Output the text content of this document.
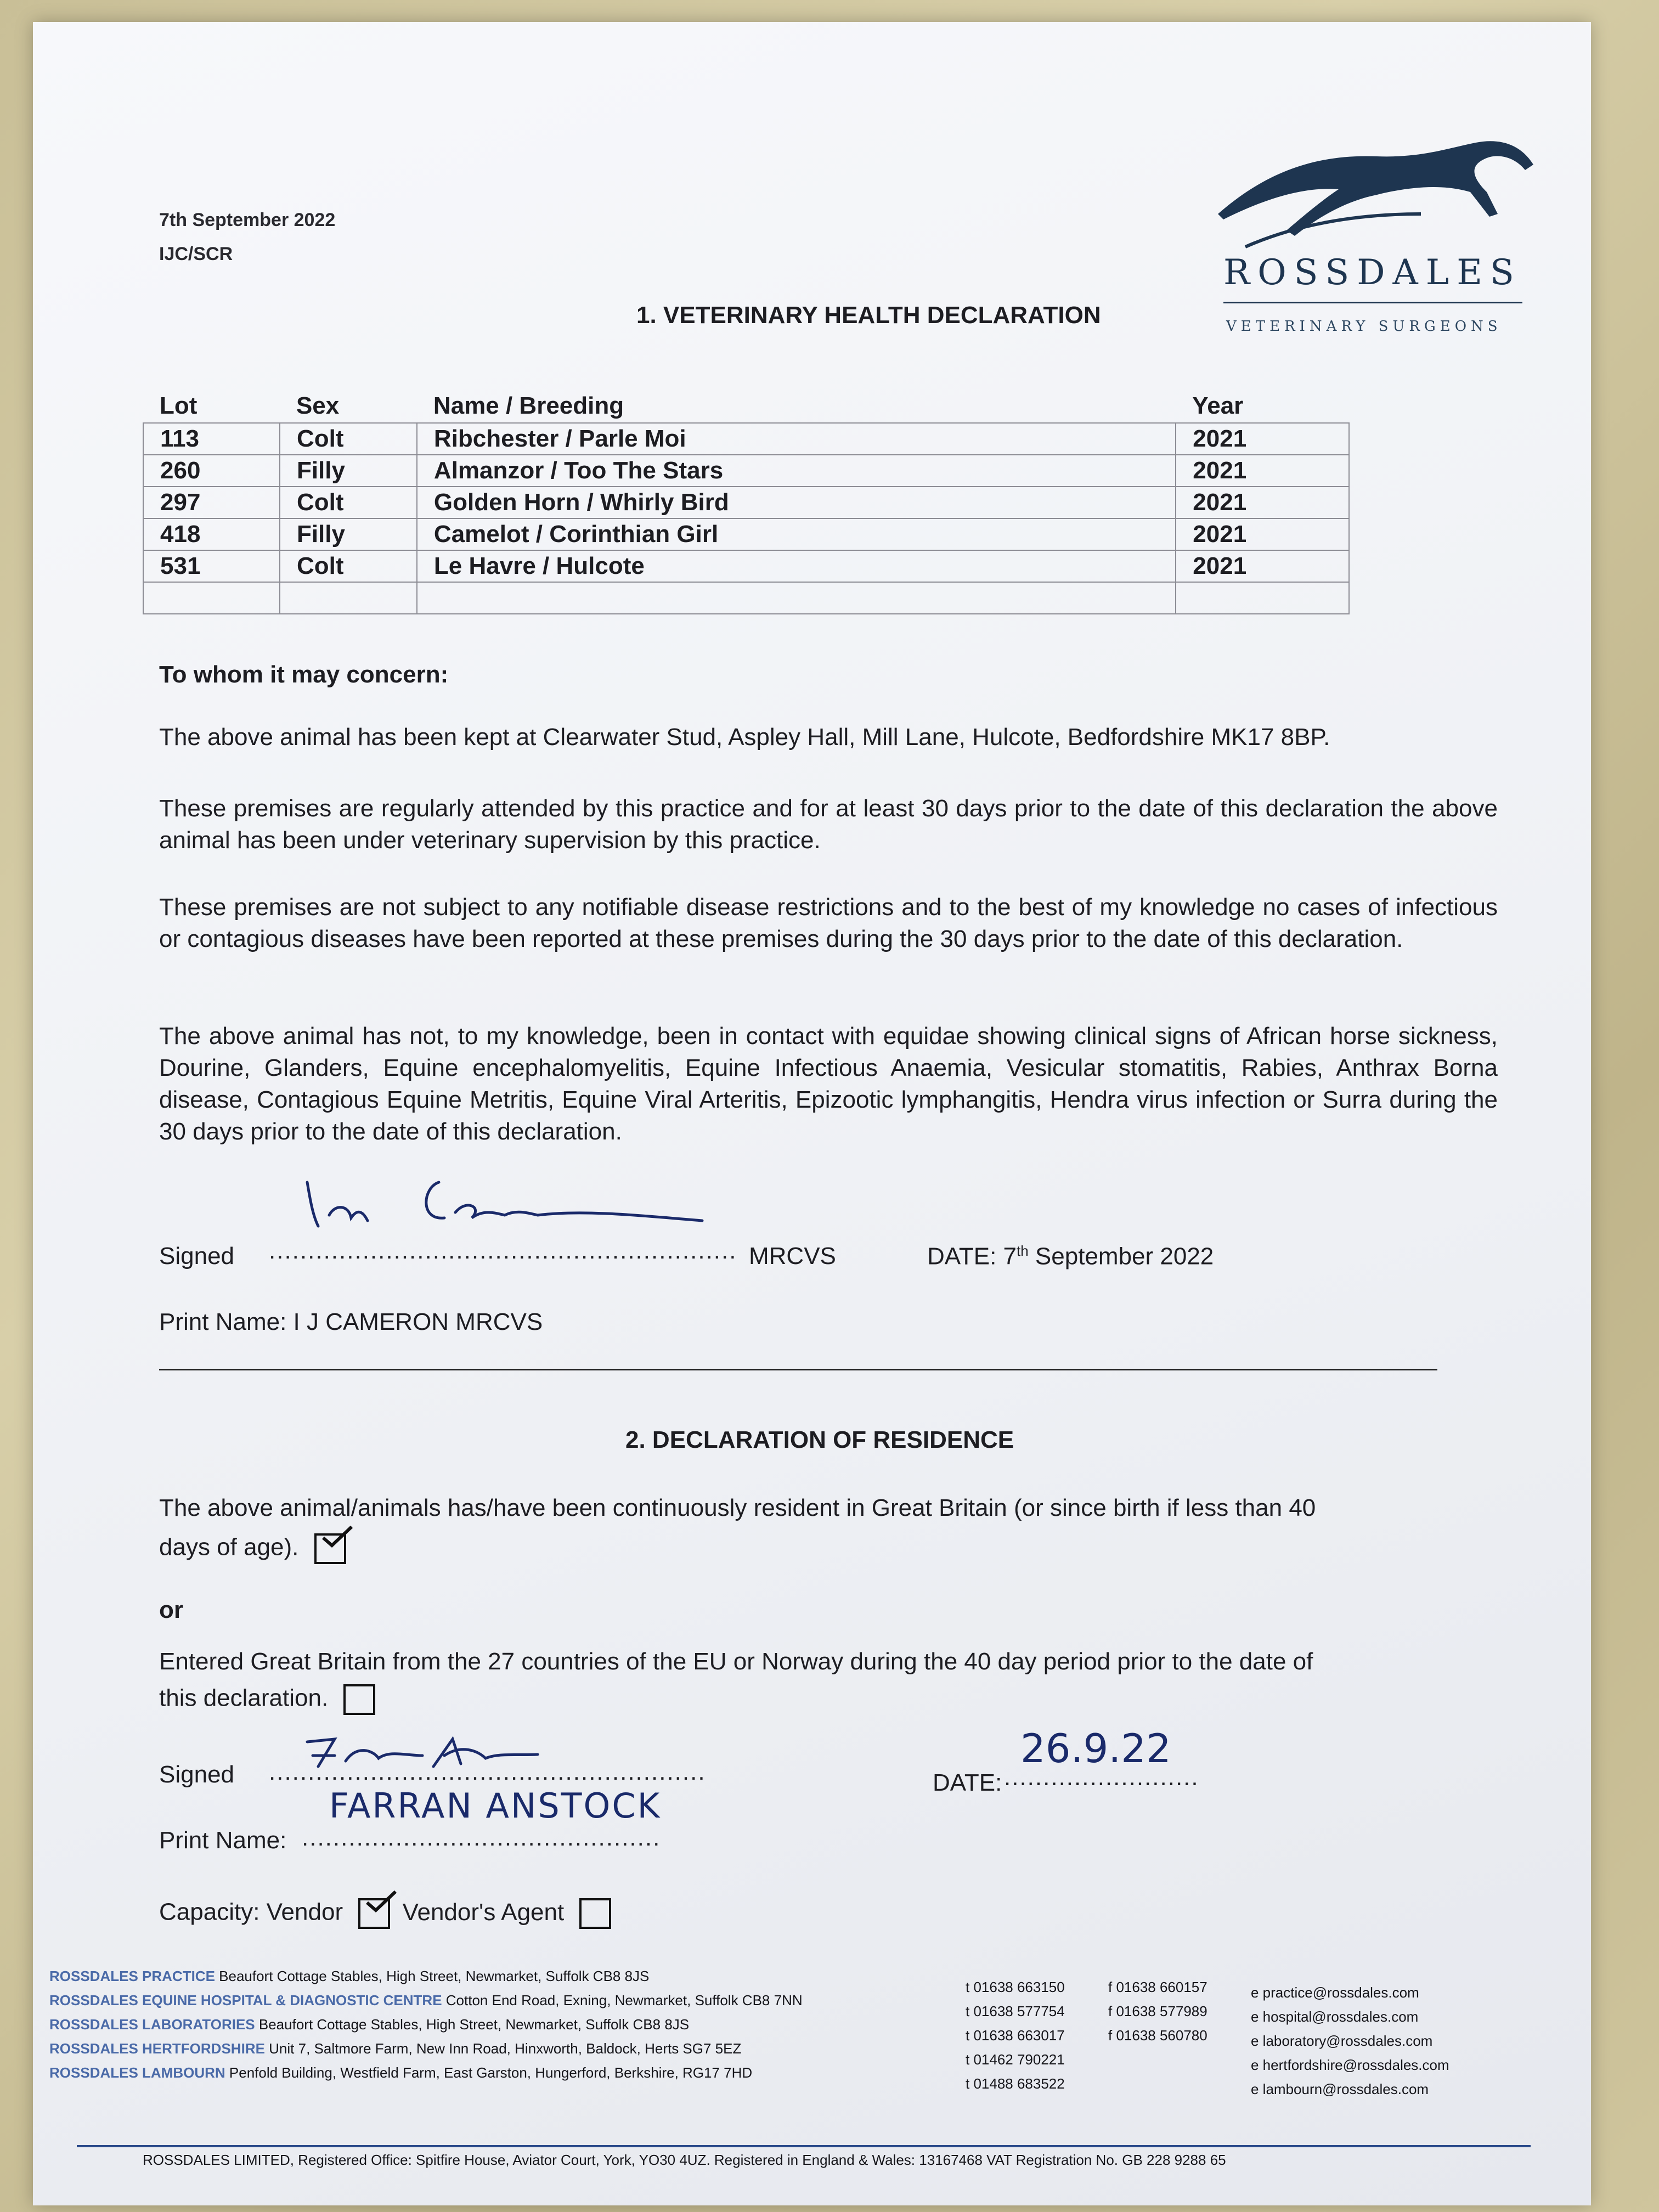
7th September 2022
IJC/SCR	ROSSDALES
VETERINARY SURGEONS
1. VETERINARY HEALTH DECLARATION
Lot	Sex	Name / Breeding	Year
113	Colt	Ribchester / Parle Moi	2021
260	Filly	Almanzor / Too The Stars	2021
297	Colt	Golden Horn / Whirly Bird	2021
418	Filly	Camelot / Corinthian Girl	2021
531	Colt	Le Havre / Hulcote	2021

To whom it may concern:
The above animal has been kept at Clearwater Stud, Aspley Hall, Mill Lane, Hulcote, Bedfordshire MK17 8BP.
These premises are regularly attended by this practice and for at least 30 days prior to the date of this declaration the above animal has been under veterinary supervision by this practice.
These premises are not subject to any notifiable disease restrictions and to the best of my knowledge no cases of infectious or contagious diseases have been reported at these premises during the 30 days prior to the date of this declaration.
The above animal has not, to my knowledge, been in contact with equidae showing clinical signs of African horse sickness, Dourine, Glanders, Equine encephalomyelitis, Equine Infectious Anaemia, Vesicular stomatitis, Rabies, Anthrax Borna disease, Contagious Equine Metritis, Equine Viral Arteritis, Epizootic lymphangitis, Hendra virus infection or Surra during the 30 days prior to the date of this declaration.
Signed ............................................................ MRCVS	DATE: 7th September 2022
Print Name: I J CAMERON MRCVS
2. DECLARATION OF RESIDENCE
The above animal/animals has/have been continuously resident in Great Britain (or since birth if less than 40
days of age).
or
Entered Great Britain from the 27 countries of the EU or Norway during the 40 day period prior to the date of
this declaration.
Signed ........................................................	DATE: .........................
26.9.22
Print Name: ..............................................
FARRAN ANSTOCK
Capacity: Vendor Vendor's Agent
ROSSDALES PRACTICE Beaufort Cottage Stables, High Street, Newmarket, Suffolk CB8 8JS
ROSSDALES EQUINE HOSPITAL & DIAGNOSTIC CENTRE Cotton End Road, Exning, Newmarket, Suffolk CB8 7NN
ROSSDALES LABORATORIES Beaufort Cottage Stables, High Street, Newmarket, Suffolk CB8 8JS
ROSSDALES HERTFORDSHIRE Unit 7, Saltmore Farm, New Inn Road, Hinxworth, Baldock, Herts SG7 5EZ
ROSSDALES LAMBOURN Penfold Building, Westfield Farm, East Garston, Hungerford, Berkshire, RG17 7HD
t 01638 663150
t 01638 577754
t 01638 663017
t 01462 790221
t 01488 683522
f 01638 660157
f 01638 577989
f 01638 560780
e practice@rossdales.com
e hospital@rossdales.com
e laboratory@rossdales.com
e hertfordshire@rossdales.com
e lambourn@rossdales.com
ROSSDALES LIMITED, Registered Office: Spitfire House, Aviator Court, York, YO30 4UZ. Registered in England & Wales: 13167468 VAT Registration No. GB 228 9288 65
